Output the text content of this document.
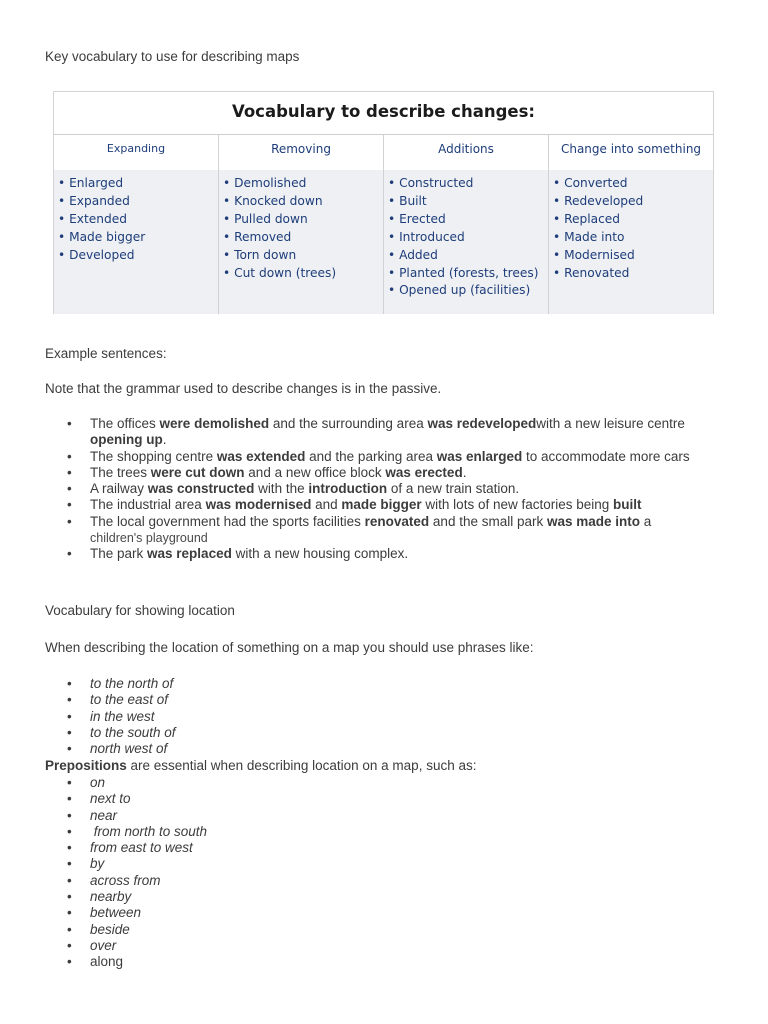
Key vocabulary to use for describing maps

Vocabulary to describe changes:
Expanding
• Enlarged
• Expanded
• Extended
• Made bigger
• Developed
Removing
• Demolished
• Knocked down
• Pulled down
• Removed
• Torn down
• Cut down (trees)
Additions
• Constructed
• Built
• Erected
• Introduced
• Added
• Planted (forests, trees)
• Opened up (facilities)
Change into something
• Converted
• Redeveloped
• Replaced
• Made into
• Modernised
• Renovated

Example sentences:

Note that the grammar used to describe changes is in the passive.

• The offices were demolished and the surrounding area was redevelopedwith a new leisure centre opening up.
• The shopping centre was extended and the parking area was enlarged to accommodate more cars
• The trees were cut down and a new office block was erected.
• A railway was constructed with the introduction of a new train station.
• The industrial area was modernised and made bigger with lots of new factories being built
• The local government had the sports facilities renovated and the small park was made into a
children's playground
• The park was replaced with a new housing complex.

Vocabulary for showing location

When describing the location of something on a map you should use phrases like:

• to the north of
• to the east of
• in the west
• to the south of
• north west of

Prepositions are essential when describing location on a map, such as:

• on
• next to
• near
•  from north to south
• from east to west
• by
• across from
• nearby
• between
• beside
• over
• along
